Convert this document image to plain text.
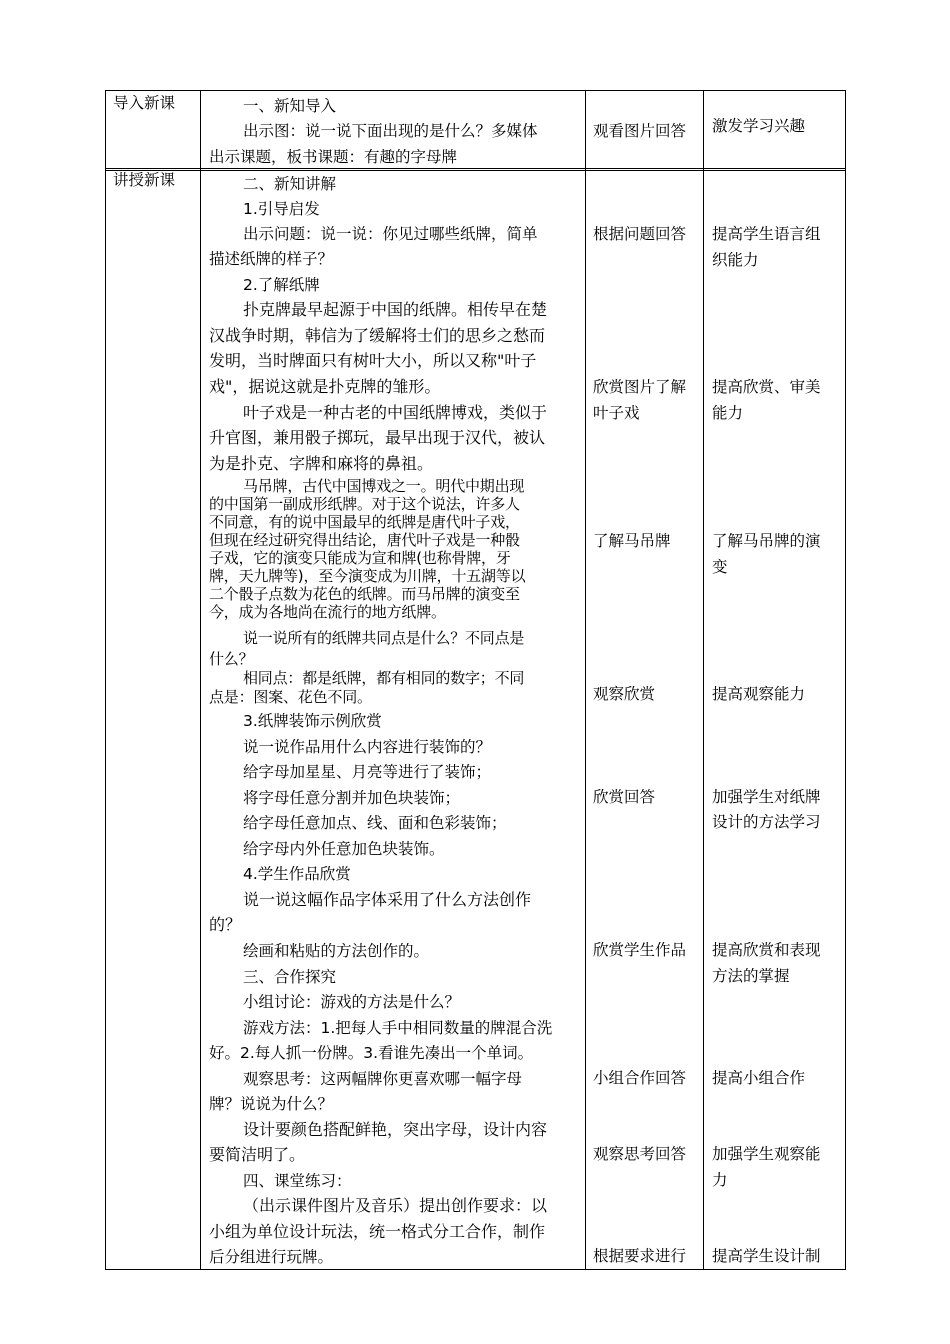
导入新课	一、新知导入
出示图：说一说下面出现的是什么？多媒体
出示课题，板书课题：有趣的字母牌
观看图片回答 激发学习兴趣
讲授新课	二、新知讲解
1.引导启发
出示问题：说一说：你见过哪些纸牌，简单
描述纸牌的样子？
2.了解纸牌
扑克牌最早起源于中国的纸牌。相传早在楚
汉战争时期，韩信为了缓解将士们的思乡之愁而
发明，当时牌面只有树叶大小，所以又称"叶子
戏"，据说这就是扑克牌的雏形。
叶子戏是一种古老的中国纸牌博戏，类似于
升官图，兼用骰子掷玩，最早出现于汉代，被认
为是扑克、字牌和麻将的鼻祖。
马吊牌，古代中国博戏之一。明代中期出现
的中国第一副成形纸牌。对于这个说法，许多人
不同意，有的说中国最早的纸牌是唐代叶子戏，
但现在经过研究得出结论，唐代叶子戏是一种骰
子戏，它的演变只能成为宣和牌(也称骨牌，牙
牌，天九牌等)，至今演变成为川牌，十五湖等以
二个骰子点数为花色的纸牌。而马吊牌的演变至
今，成为各地尚在流行的地方纸牌。
说一说所有的纸牌共同点是什么？不同点是
什么？
相同点：都是纸牌，都有相同的数字；不同
点是：图案、花色不同。
3.纸牌装饰示例欣赏
说一说作品用什么内容进行装饰的？
给字母加星星、月亮等进行了装饰；
将字母任意分割并加色块装饰；
给字母任意加点、线、面和色彩装饰；
给字母内外任意加色块装饰。
4.学生作品欣赏
说一说这幅作品字体采用了什么方法创作
的？
绘画和粘贴的方法创作的。
三、合作探究
小组讨论：游戏的方法是什么？
游戏方法：1.把每人手中相同数量的牌混合洗
好。2.每人抓一份牌。3.看谁先凑出一个单词。
观察思考：这两幅牌你更喜欢哪一幅字母
牌？说说为什么？
设计要颜色搭配鲜艳，突出字母，设计内容
要简洁明了。
四、课堂练习：
（出示课件图片及音乐）提出创作要求：以
小组为单位设计玩法，统一格式分工合作，制作
后分组进行玩牌。
根据问题回答
欣赏图片了解
叶子戏
了解马吊牌
观察欣赏
欣赏回答
欣赏学生作品
小组合作回答
观察思考回答
根据要求进行
提高学生语言组
织能力
提高欣赏、审美
能力
了解马吊牌的演
变
提高观察能力
加强学生对纸牌
设计的方法学习
提高欣赏和表现
方法的掌握
提高小组合作
加强学生观察能
力
提高学生设计制
